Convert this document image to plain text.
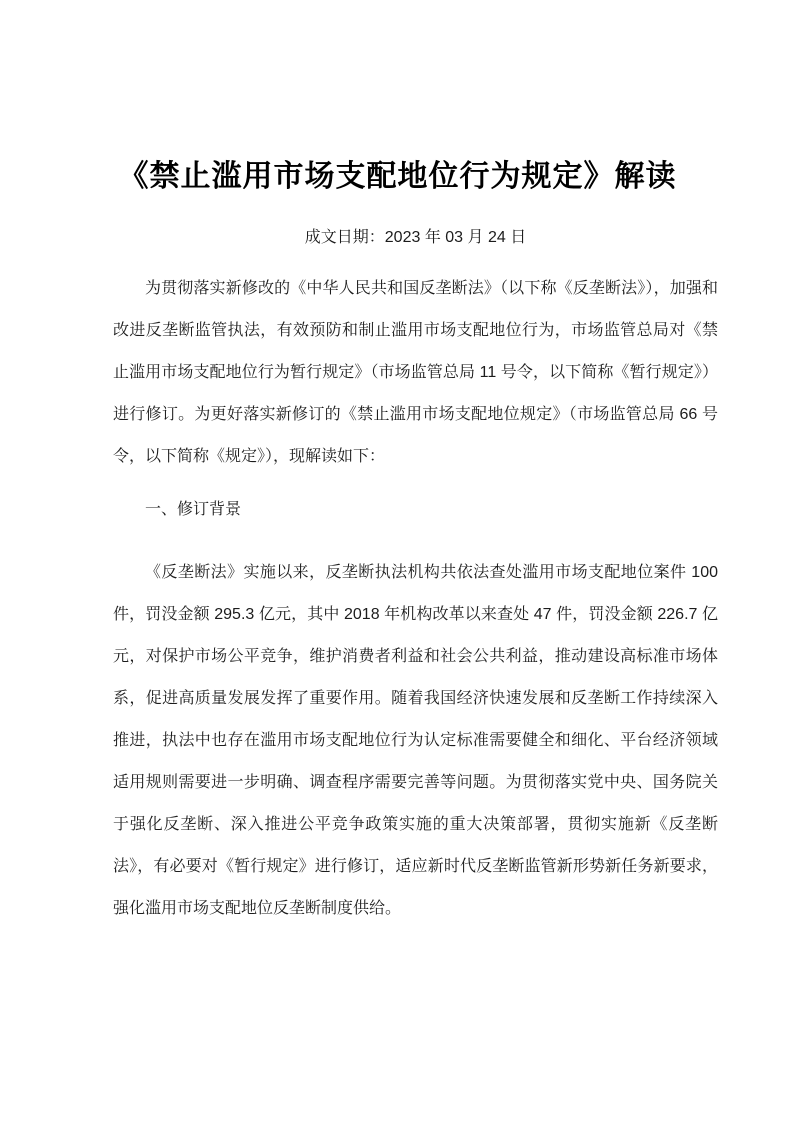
《禁止滥用市场支配地位行为规定》解读
成文日期：2023 年 03 月 24 日

为贯彻落实新修改的《中华人民共和国反垄断法》（以下称《反垄断法》），加强和改进反垄断监管执法，有效预防和制止滥用市场支配地位行为，市场监管总局对《禁止滥用市场支配地位行为暂行规定》（市场监管总局 11 号令，以下简称《暂行规定》）进行修订。为更好落实新修订的《禁止滥用市场支配地位规定》（市场监管总局 66 号令，以下简称《规定》），现解读如下：

一、修订背景

《反垄断法》实施以来，反垄断执法机构共依法查处滥用市场支配地位案件 100 件，罚没金额 295.3 亿元，其中 2018 年机构改革以来查处 47 件，罚没金额 226.7 亿元，对保护市场公平竞争，维护消费者利益和社会公共利益，推动建设高标准市场体系，促进高质量发展发挥了重要作用。随着我国经济快速发展和反垄断工作持续深入推进，执法中也存在滥用市场支配地位行为认定标准需要健全和细化、平台经济领域适用规则需要进一步明确、调查程序需要完善等问题。为贯彻落实党中央、国务院关于强化反垄断、深入推进公平竞争政策实施的重大决策部署，贯彻实施新《反垄断法》，有必要对《暂行规定》进行修订，适应新时代反垄断监管新形势新任务新要求，强化滥用市场支配地位反垄断制度供给。
